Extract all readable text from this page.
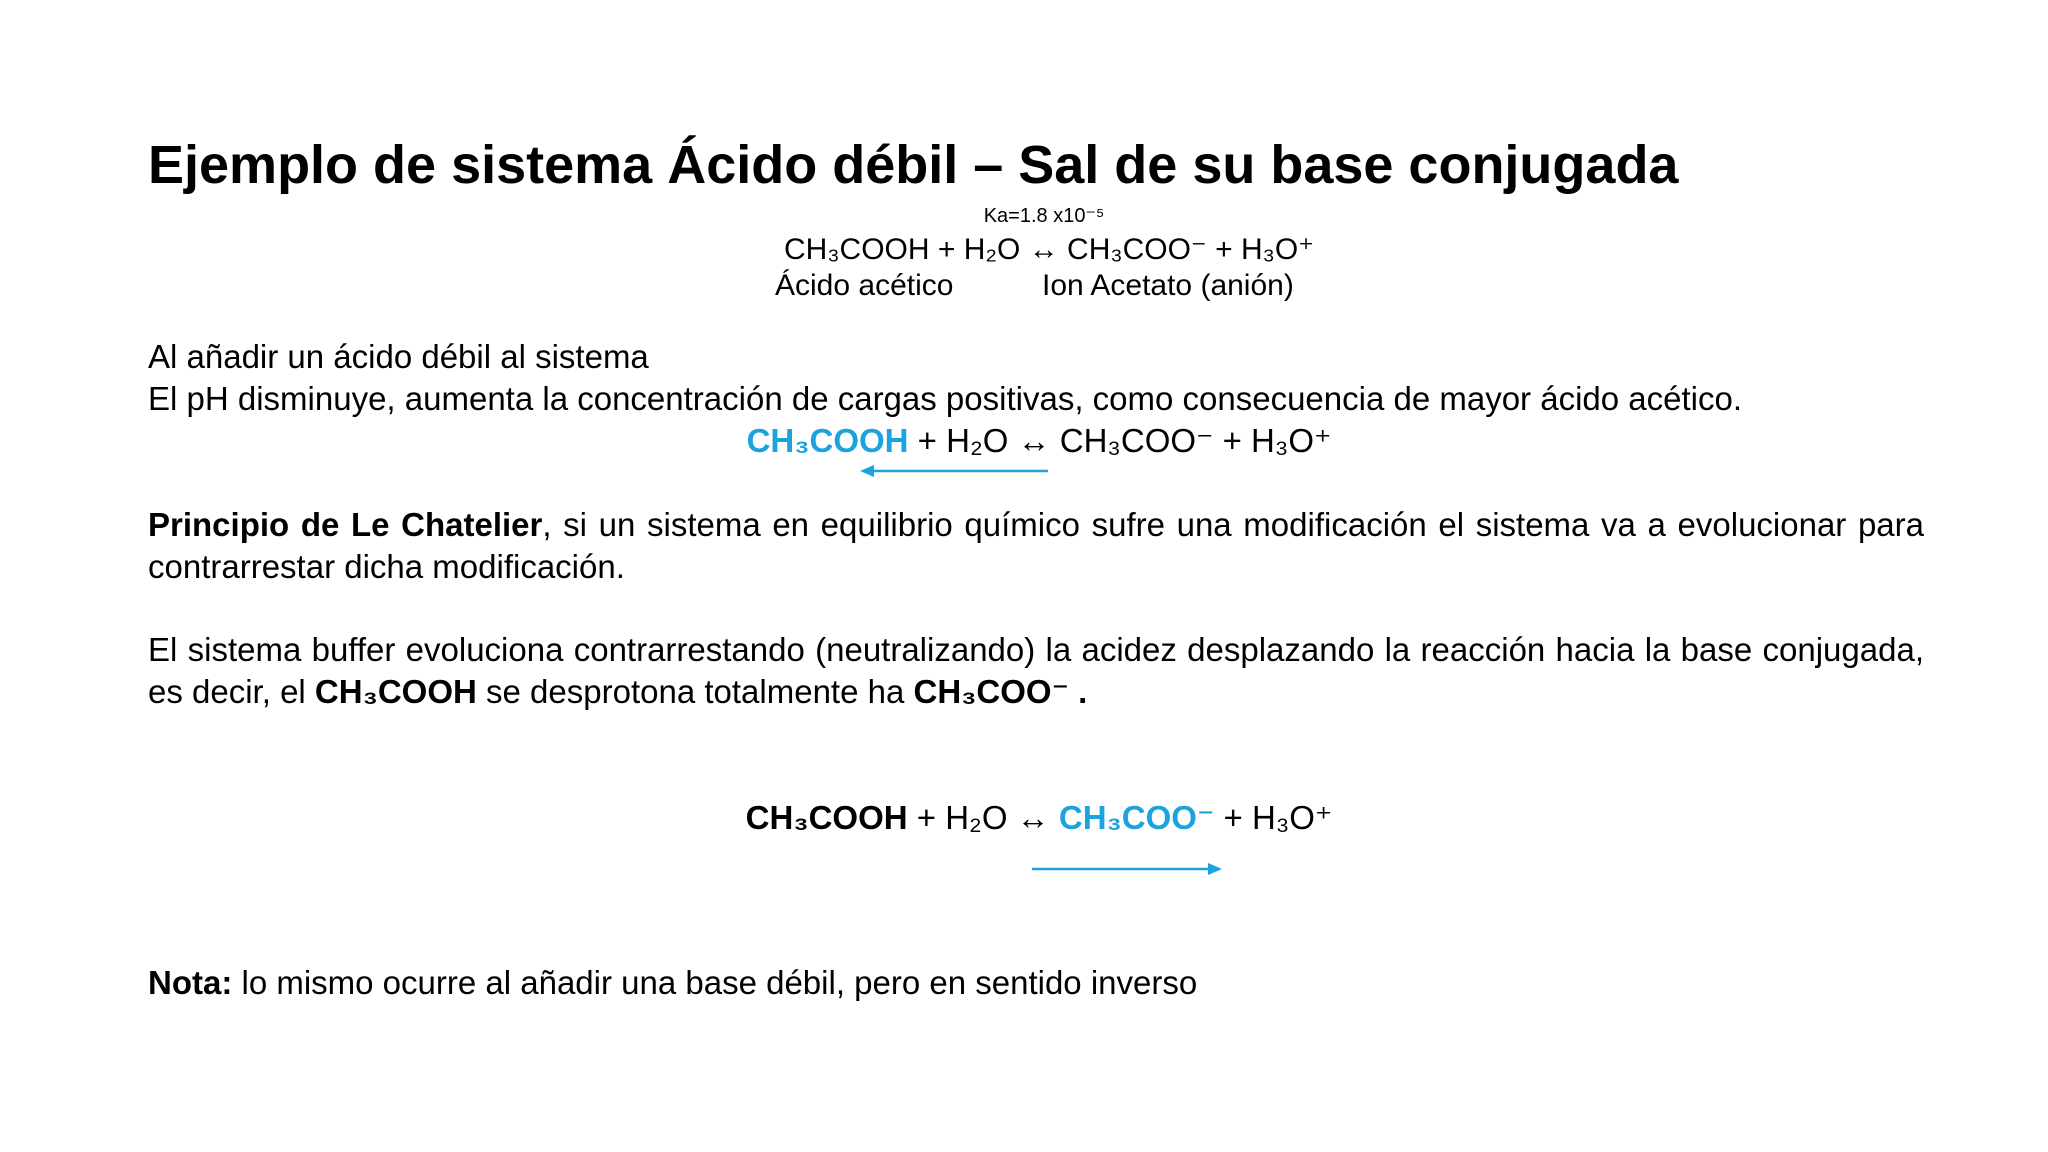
Ejemplo de sistema Ácido débil – Sal de su base conjugada
Ka=1.8 x10⁻⁵
CH₃COOH + H₂O ↔ CH₃COO⁻ + H₃O⁺
Ácido acético	Ion Acetato (anión)
Al añadir un ácido débil al sistema
El pH disminuye, aumenta la concentración de cargas positivas, como consecuencia de mayor ácido acético.
CH₃COOH + H₂O ↔ CH₃COO⁻ + H₃O⁺
Principio de Le Chatelier, si un sistema en equilibrio químico sufre una modificación el sistema va a evolucionar para contrarrestar dicha modificación.
El sistema buffer evoluciona contrarrestando (neutralizando) la acidez desplazando la reacción hacia la base conjugada, es decir, el CH₃COOH se desprotona totalmente ha CH₃COO⁻ .
CH₃COOH + H₂O ↔ CH₃COO⁻ + H₃O⁺
Nota: lo mismo ocurre al añadir una base débil, pero en sentido inverso
